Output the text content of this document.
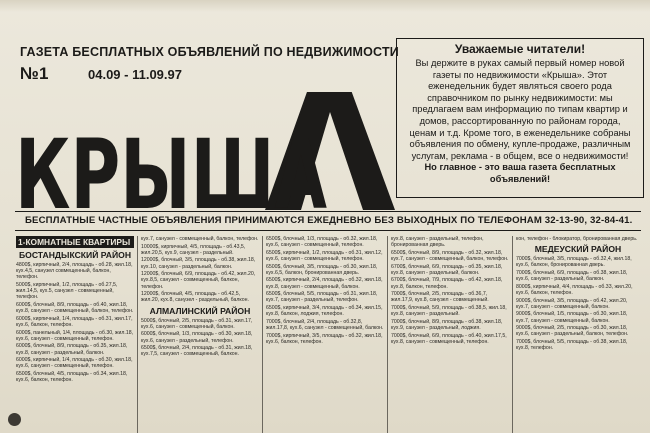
ГАЗЕТА БЕСПЛАТНЫХ ОБЪЯВЛЕНИЙ ПО НЕДВИЖИМОСТИ
№1	04.09 - 11.09.97
КРЫША
Уважаемые читатели!

Вы держите в руках самый первый номер новой газеты по недвижимости «Крыша». Этот еженедельник будет являться своего рода справочником по рынку недвижимости: мы предлагаем вам информацию по типам квартир и домов, рассортированную по районам города, ценам и т.д. Кроме того, в еженедельнике собраны объявления по обмену, купле-продаже, различным услугам, реклама - в общем, все о недвижимости!

Но главное - это ваша газета бесплатных объявлений!

БЕСПЛАТНЫЕ ЧАСТНЫЕ ОБЪЯВЛЕНИЯ ПРИНИМАЮТСЯ ЕЖЕДНЕВНО БЕЗ ВЫХОДНЫХ ПО ТЕЛЕФОНАМ 32-13-90, 32-84-41.
1-КОМНАТНЫЕ КВАРТИРЫ
БОСТАНДЫКСКИЙ РАЙОН

4800$, кирпичный, 2/4, площадь - об.28, жил.18, кух.4,5, санузел совмещенный, балкон, телефон.

5000$, кирпичный, 1/2, площадь - об.27,5, жил.14,5, кух.5, санузел - совмещенный, телефон.

6000$, блочный, 8/9, площадь - об.40, жил.18, кух.8, санузел - совмещенный, балкон, телефон.

6000$, кирпичный, 1/4, площадь - об.31, жил.17, кух.6, балкон, телефон.

6000$, панельный, 1/4, площадь - об.30, жил.18, кух.6, санузел - совмещенный, телефон.

6000$, блочный, 8/9, площадь - об.35, жил.18, кух.8, санузел - раздельный, балкон.

6000$, кирпичный, 1/4, площадь - об.30, жил.18, кух.6, санузел - совмещенный, телефон.

6500$, блочный, 4/5, площадь - об.34, жил.18, кух.6, балкон, телефон.

кух.7, санузел - совмещенный, балкон, телефон.

10000$, кирпичный, 4/5, площадь - об.43,5, жил.20,5, кух.9, санузел - раздельный.

12000$, блочный, 3/5, площадь - об.38, жил.18, кух.10, санузел - раздельный, балкон.

12000$, блочный, 6/9, площадь - об.42, жил.20, кух.8,5, санузел - совмещенный, балкон, телефон.

12000$, блочный, 4/5, площадь - об.42,5, жил.20, кух.8, санузел - раздельный, балкон.

АЛМАЛИНСКИЙ РАЙОН

5000$, блочный, 2/5, площадь - об.31, жил.17, кух.6, санузел - совмещенный, балкон.

6000$, блочный, 1/3, площадь - об.30, жил.18, кух.6, санузел - раздельный, телефон.

6500$, блочный, 2/4, площадь - об.31, жил.18, кух.7,5, санузел - совмещенный, балкон.

6500$, блочный, 1/3, площадь - об.32, жил.18, кух.6, санузел - совмещенный, телефон.

6500$, кирпичный, 1/2, площадь - об.31, жил.12, кух.6, санузел - совмещенный, телефон.

6500$, блочный, 3/5, площадь - об.30, жил.18, кух.6,5, балкон, бронированная дверь.

6500$, кирпичный, 2/4, площадь - об.32, жил.18, кух.8, санузел - совмещенный, балкон.

6500$, блочный, 5/5, площадь - об.31, жил.18, кух.7, санузел - раздельный, телефон.

6500$, кирпичный, 3/4, площадь - об.34, жил.15, кух.8, балкон, лоджия, телефон.

7000$, блочный, 2/4, площадь - об.32,8, жил.17,8, кух.6, санузел - совмещенный, балкон.

7000$, кирпичный, 3/5, площадь - об.32, жил.18, кух.6, балкон, телефон.

кух.8, санузел - раздельный, телефон, бронированная дверь.

6500$, блочный, 8/9, площадь - об.32, жил.18, кух.7, санузел - совмещенный, балкон, телефон.

6700$, блочный, 6/9, площадь - об.35, жил.18, кух.8, санузел - раздельный, балкон.

6700$, блочный, 7/9, площадь - об.42, жил.18, кух.8, балкон, телефон.

7000$, блочный, 2/5, площадь - об.36,7, жил.17,9, кух.8, санузел - совмещенный.

7000$, блочный, 5/9, площадь - об.38,5, жил.18, кух.8, санузел - раздельный.

7000$, блочный, 8/9, площадь - об.38, жил.18, кух.9, санузел - раздельный, лоджия.

7000$, блочный, 6/9, площадь - об.40, жил.17,5, кух.8, санузел - совмещенный, телефон.

кон, телефон - блокиратор, бронированная дверь.

МЕДЕУСКИЙ РАЙОН

7000$, блочный, 3/5, площадь - об.32,4, жил.18, кух.6, балкон, бронированная дверь.

7000$, блочный, 6/9, площадь - об.38, жил.18, кух.6, санузел - раздельный, балкон.

8000$, кирпичный, 4/4, площадь - об.33, жил.20, кух.6, балкон, телефон.

9000$, блочный, 3/5, площадь - об.42, жил.20, кух.7, санузел - совмещенный, балкон.

9000$, блочный, 1/5, площадь - об.30, жил.18, кух.7, санузел - совмещенный, балкон.

9000$, блочный, 2/5, площадь - об.30, жил.18, кух.6, санузел - раздельный, балкон, телефон.

7000$, блочный, 5/5, площадь - об.38, жил.18, кух.8, телефон.
